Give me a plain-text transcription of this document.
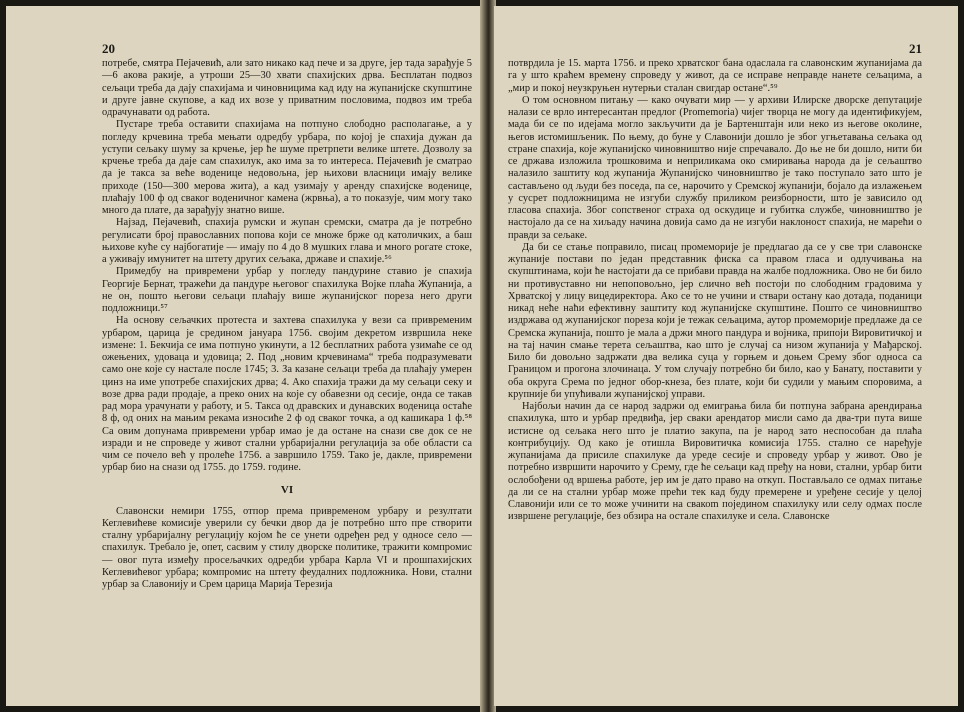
20

потребе, смятра Пејачевић, али зато никако кад пече и за друге, јер тада зарађује 5—6 акова ракије, а утроши 25—30 хвати спахијских дрва. Бесплатан подвоз сељаци треба да дају спахијама и чиновницима кад иду на жупанијске скупштине и друге јавне скупове, а кад их возе у приватним пословима, подвоз им треба одрачунавати од работа.

Пустаре треба оставити спахијама на потпуно слободно располагање, а у погледу крчевина треба мењати одредбу урбара, по којој је спахија дужан да уступи сељаку шуму за крчење, јер ће шуме претрпети велике штете. Дозволу за крчење треба да даје сам спахилук, ако има за то интереса. Пејачевић је сматрао да је такса за веће воденице недовољна, јер њихови власници имају велике приходе (150—300 мерова жита), а кад узимају у аренду спахијске воденице, плаћају 100 ф од сваког воденичног камена (жрвња), а то показује, чим могу тако много да плате, да зарађују знатно више.

Најзад, Пејачевић, спахија румски и жупан сремски, сматра да је потребно регулисати број православних попова који се множе брже од католичких, а баш њихове куће су најбогатије — имају по 4 до 8 мушких глава и много рогате стоке, а уживају имунитет на штету других сељака, државе и спахије.⁵⁶

Примедбу на привремени урбар у погледу пандурине ставио је спахија Георгије Бернат, тражећи да пандуре његовог спахилука Војке плаћа Жупанија, а не он, пошто његови сељаци плаћају више жупанијског пореза него други подложници.⁵⁷

На основу сељачких протеста и захтева спахилука у вези са привременим урбаром, царица је средином јануара 1756. својим декретом извршила неке измене: 1. Бекчија се има потпуно укинути, а 12 бесплатних работа узимаће се од ожењених, удоваца и удовица; 2. Под „новим крчевинама“ треба подразумевати само оне које су настале после 1745; 3. За казане сељаци треба да плаћају умерен цинз на име употребе спахијских дрва; 4. Ако спахија тражи да му сељаци секу и возе дрва ради продаје, а преко оних на које су обавезни од сесије, онда се такав рад мора урачунати у работу, и 5. Такса од дравских и дунавских воденица остаће 8 ф, од оних на мањим рекама износиће 2 ф од сваког точка, а од кашикара 1 ф.⁵⁸ Са овим допунама привремени урбар имао је да остане на снази све док се не изради и не спроведе у живот стални урбаријални регулација за обе области са чим се почело већ у пролеће 1756. а завршило 1759. Тако је, дакле, привремени урбар био на снази од 1755. до 1759. године.

VI

Славонски немири 1755, отпор према привременом урбару и резултати Кеглевићеве комисије уверили су бечки двор да је потребно што пре створити сталну урбаријалну регулацију којом ће се унети одређен ред у односе село — спахилук. Требало је, опет, сасвим у стилу дворске политике, тражити компромис — овог пута између просељачких одредби урбара Карла VI и прошпахијских Кеглевићевог урбара; компромис на штету феудалних подложника. Нови, стални урбар за Славонију и Срем царица Марија Терезија

21

потврдила је 15. марта 1756. и преко хрватског бана одаслала га славонским жупанијама да га у што краћем времену спроведу у живот, да се исправе неправде нанете сељацима, а „мир и покој неузкруњен нутерњи сталан свигдар остане“.⁵⁹

О том основном питању — како очувати мир — у архиви Илирске дворске депутације налази се врло интересантан предлог (Promemoria) чијег творца не могу да идентификујем, мада би се по идејама могло закључити да је Бартенштајн или неко из његове околине, његов истомишљеник. По њему, до буне у Славонији дошло је због угњетавања сељака од стране спахија, које жупанијско чиновништво није спречавало. До ње не би дошло, нити би се држава изложила трошковима и неприликама око смиривања народа да је сељаштво налазило заштиту код жупанија Жупанијско чиновништво је тако поступало зато што је састављено од људи без поседа, па се, нарочито у Сремској жупанији, бојало да излажењем у сусрет подложницима не изгуби службу приликом реизборности, што је зависило од гласова спахија. Због сопственог страха од оскудице и губитка службе, чиновништво је настојало да се на хиљаду начина довија само да не изгуби наклоност спахија, не марећи о правди за сељаке.

Да би се стање поправило, писац промеморије је предлагао да се у све три славонске жупаније постави по један представник фиска са правом гласа и одлучивања на скупштинама, који ће настојати да се прибави правда на жалбе подложника. Ово не би било ни противуставно ни непоповољно, јер слично већ постоји по слободним градовима у Хрватској у лицу вицедиректора. Ако се то не учини и ствари остану као дотада, поданици никад неће наћи ефективну заштиту код жупанијске скупштине. Пошто се чиновништво издржава од жупанијског пореза који је тежак сељацима, аутор промеморије предлаже да се Сремска жупанија, пошто је мала а држи много пандура и војника, припоји Вировитичкој и на тај начин смање терета сељаштва, као што је случај са низом жупанија у Мађарској. Било би довољно задржати два велика суца у горњем и доњем Срему због односа са Границом и прогона злочинаца. У том случају потребно би било, као у Банату, поставити у оба округа Срема по једног обор-кнеза, без плате, који би судили у мањим споровима, а крупније би упућивали жупанијској управи.

Најбољи начин да се народ задржи од емиграња била би потпуна забрана арендирања спахилука, што и урбар предвиђа, јер сваки арендатор мисли само да два-три пута више истисне од сељака него што је платио закупа, па је народ зато неспособан да плаћа контрибуцију. Од како је отишла Вировитичка комисија 1755. стално се наређује жупанијама да присиле спахилуке да уреде сесије и спроведу урбар у живот. Ово је потребно извршити нарочито у Срему, где ће сељаци кад пређу на нови, стални, урбар бити ослобођени од вршења работе, јер им је дато право на откуп. Постављало се одмах питање да ли се на стални урбар може прећи тек кад буду премерене и уређене сесије у целој Славонији или се то може учинити на свакоm појединoм спахилуку или селу одмах после извршене регулације, без обзира на остале спахилуке и села. Славонске
